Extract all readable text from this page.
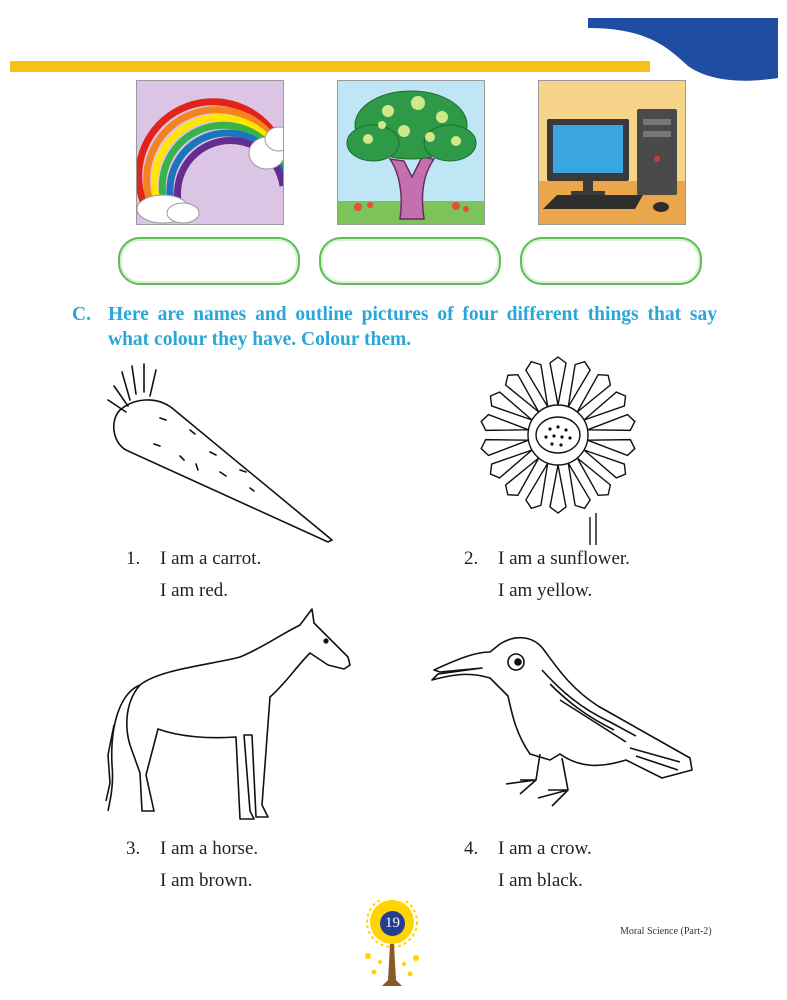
C. Here are names and outline pictures of four different things that say what colour they have. Colour them.
1. I am a carrot.
I am red.
2. I am a sunflower.
I am yellow.
3. I am a horse.
I am brown.
4. I am a crow.
I am black.
19
Moral Science (Part-2)
